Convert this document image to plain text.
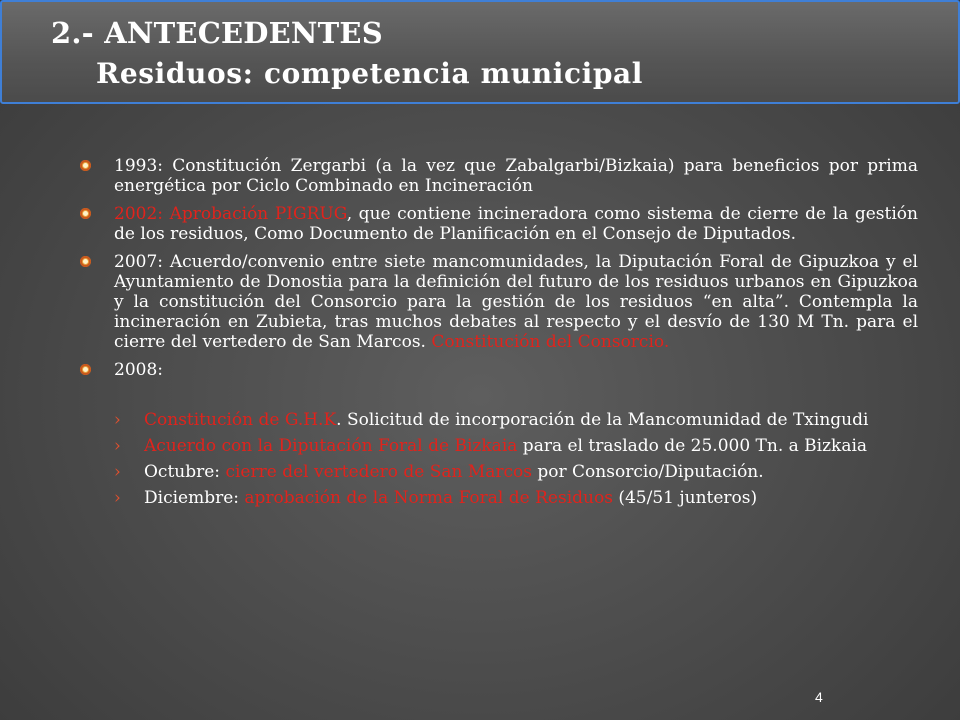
2.- ANTECEDENTES
Residuos: competencia municipal
1993: Constitución Zergarbi (a la vez que Zabalgarbi/Bizkaia) para beneficios por prima energética por Ciclo Combinado en Incineración
2002: Aprobación PIGRUG, que contiene incineradora como sistema de cierre de la gestión de los residuos, Como Documento de Planificación en el Consejo de Diputados.
2007: Acuerdo/convenio entre siete mancomunidades, la Diputación Foral de Gipuzkoa y el Ayuntamiento de Donostia para la definición del futuro de los residuos urbanos en Gipuzkoa y la constitución del Consorcio para la gestión de los residuos “en alta”. Contempla la incineración en Zubieta, tras muchos debates al respecto y el desvío de 130 M Tn. para el cierre del vertedero de San Marcos. Constitución del Consorcio.
2008:
› Constitución de G.H.K. Solicitud de incorporación de la Mancomunidad de Txingudi
› Acuerdo con la Diputación Foral de Bizkaia para el traslado de 25.000 Tn. a Bizkaia
› Octubre: cierre del vertedero de San Marcos por Consorcio/Diputación.
› Diciembre: aprobación de la Norma Foral de Residuos (45/51 junteros)
4
